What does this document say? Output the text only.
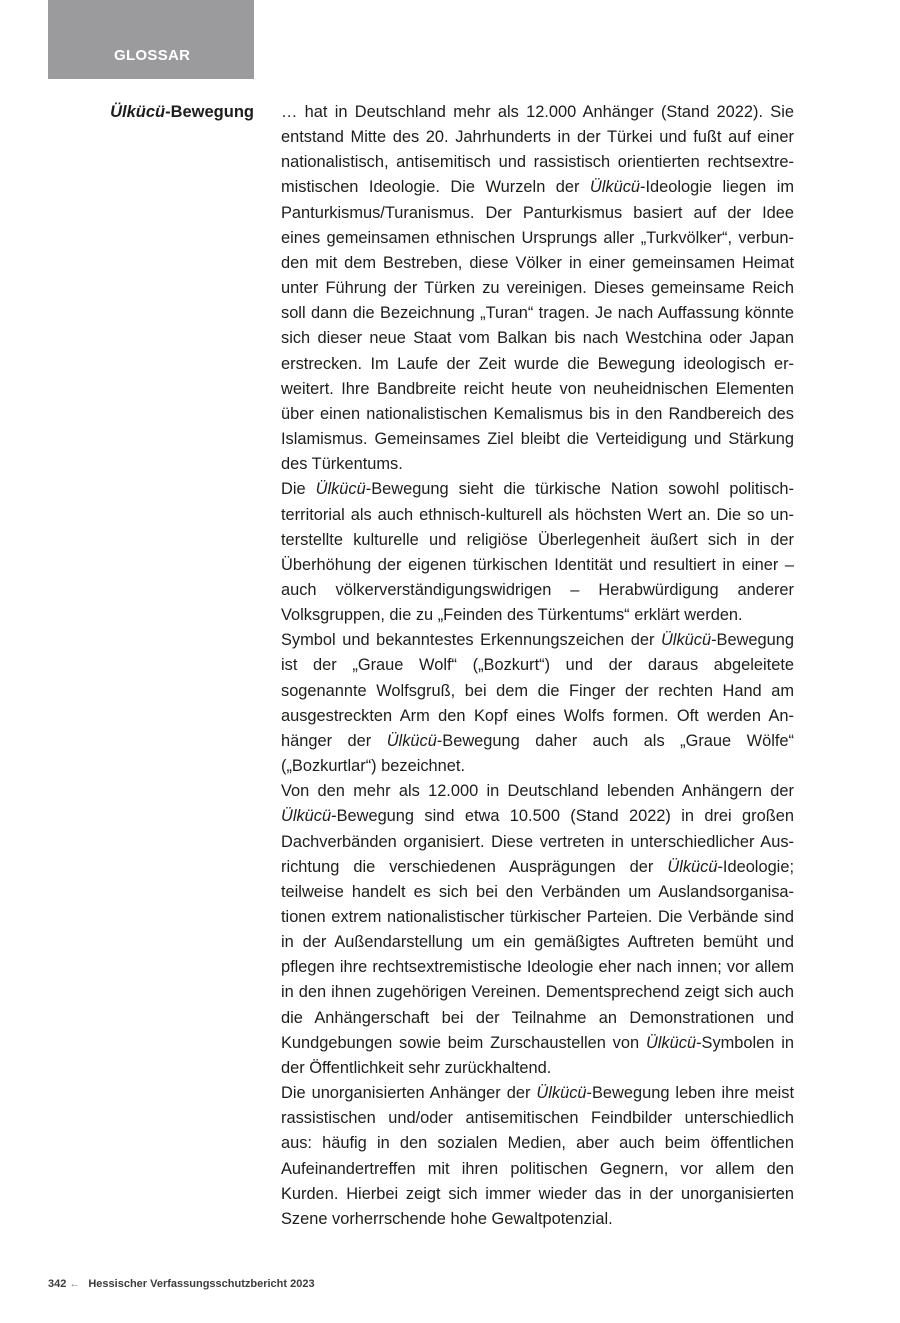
GLOSSAR
Ülkücü-Bewegung … hat in Deutschland mehr als 12.000 Anhänger (Stand 2022). Sie entstand Mitte des 20. Jahrhunderts in der Türkei und fußt auf einer nationalistisch, antisemitisch und rassistisch orientierten rechtsextremistischen Ideologie. Die Wurzeln der Ülkücü-Ideologie liegen im Panturkismus/Turanismus. Der Panturkismus basiert auf der Idee eines gemeinsamen ethnischen Ursprungs aller „Turkvölker“, verbunden mit dem Bestreben, diese Völker in einer gemeinsamen Heimat unter Führung der Türken zu vereinigen. Dieses gemeinsame Reich soll dann die Bezeichnung „Turan“ tragen. Je nach Auffassung könnte sich dieser neue Staat vom Balkan bis nach Westchina oder Japan erstrecken. Im Laufe der Zeit wurde die Bewegung ideologisch erweitert. Ihre Bandbreite reicht heute von neuheidnischen Elementen über einen nationalistischen Kemalismus bis in den Randbereich des Islamismus. Gemeinsames Ziel bleibt die Verteidigung und Stärkung des Türkentums.

Die Ülkücü-Bewegung sieht die türkische Nation sowohl politisch-territorial als auch ethnisch-kulturell als höchsten Wert an. Die so unterstellte kulturelle und religiöse Überlegenheit äußert sich in der Überhöhung der eigenen türkischen Identität und resultiert in einer – auch völkerverständigungswidrigen – Herabwürdigung anderer Volksgruppen, die zu „Feinden des Türkentums“ erklärt werden.

Symbol und bekanntestes Erkennungszeichen der Ülkücü-Bewegung ist der „Graue Wolf“ („Bozkurt“) und der daraus abgeleitete sogenannte Wolfsgruß, bei dem die Finger der rechten Hand am ausgestreckten Arm den Kopf eines Wolfs formen. Oft werden Anhänger der Ülkücü-Bewegung daher auch als „Graue Wölfe“ („Bozkurtlar“) bezeichnet.

Von den mehr als 12.000 in Deutschland lebenden Anhängern der Ülkücü-Bewegung sind etwa 10.500 (Stand 2022) in drei großen Dachverbänden organisiert. Diese vertreten in unterschiedlicher Ausrichtung die verschiedenen Ausprägungen der Ülkücü-Ideologie; teilweise handelt es sich bei den Verbänden um Auslandsorganisationen extrem nationalistischer türkischer Parteien. Die Verbände sind in der Außendarstellung um ein gemäßigtes Auftreten bemüht und pflegen ihre rechtsextremistische Ideologie eher nach innen; vor allem in den ihnen zugehörigen Vereinen. Dementsprechend zeigt sich auch die Anhängerschaft bei der Teilnahme an Demonstrationen und Kundgebungen sowie beim Zurschaustellen von Ülkücü-Symbolen in der Öffentlichkeit sehr zurückhaltend.

Die unorganisierten Anhänger der Ülkücü-Bewegung leben ihre meist rassistischen und/oder antisemitischen Feindbilder unterschiedlich aus: häufig in den sozialen Medien, aber auch beim öffentlichen Aufeinandertreffen mit ihren politischen Gegnern, vor allem den Kurden. Hierbei zeigt sich immer wieder das in der unorganisierten Szene vorherrschende hohe Gewaltpotenzial.

342 ← Hessischer Verfassungsschutzbericht 2023
